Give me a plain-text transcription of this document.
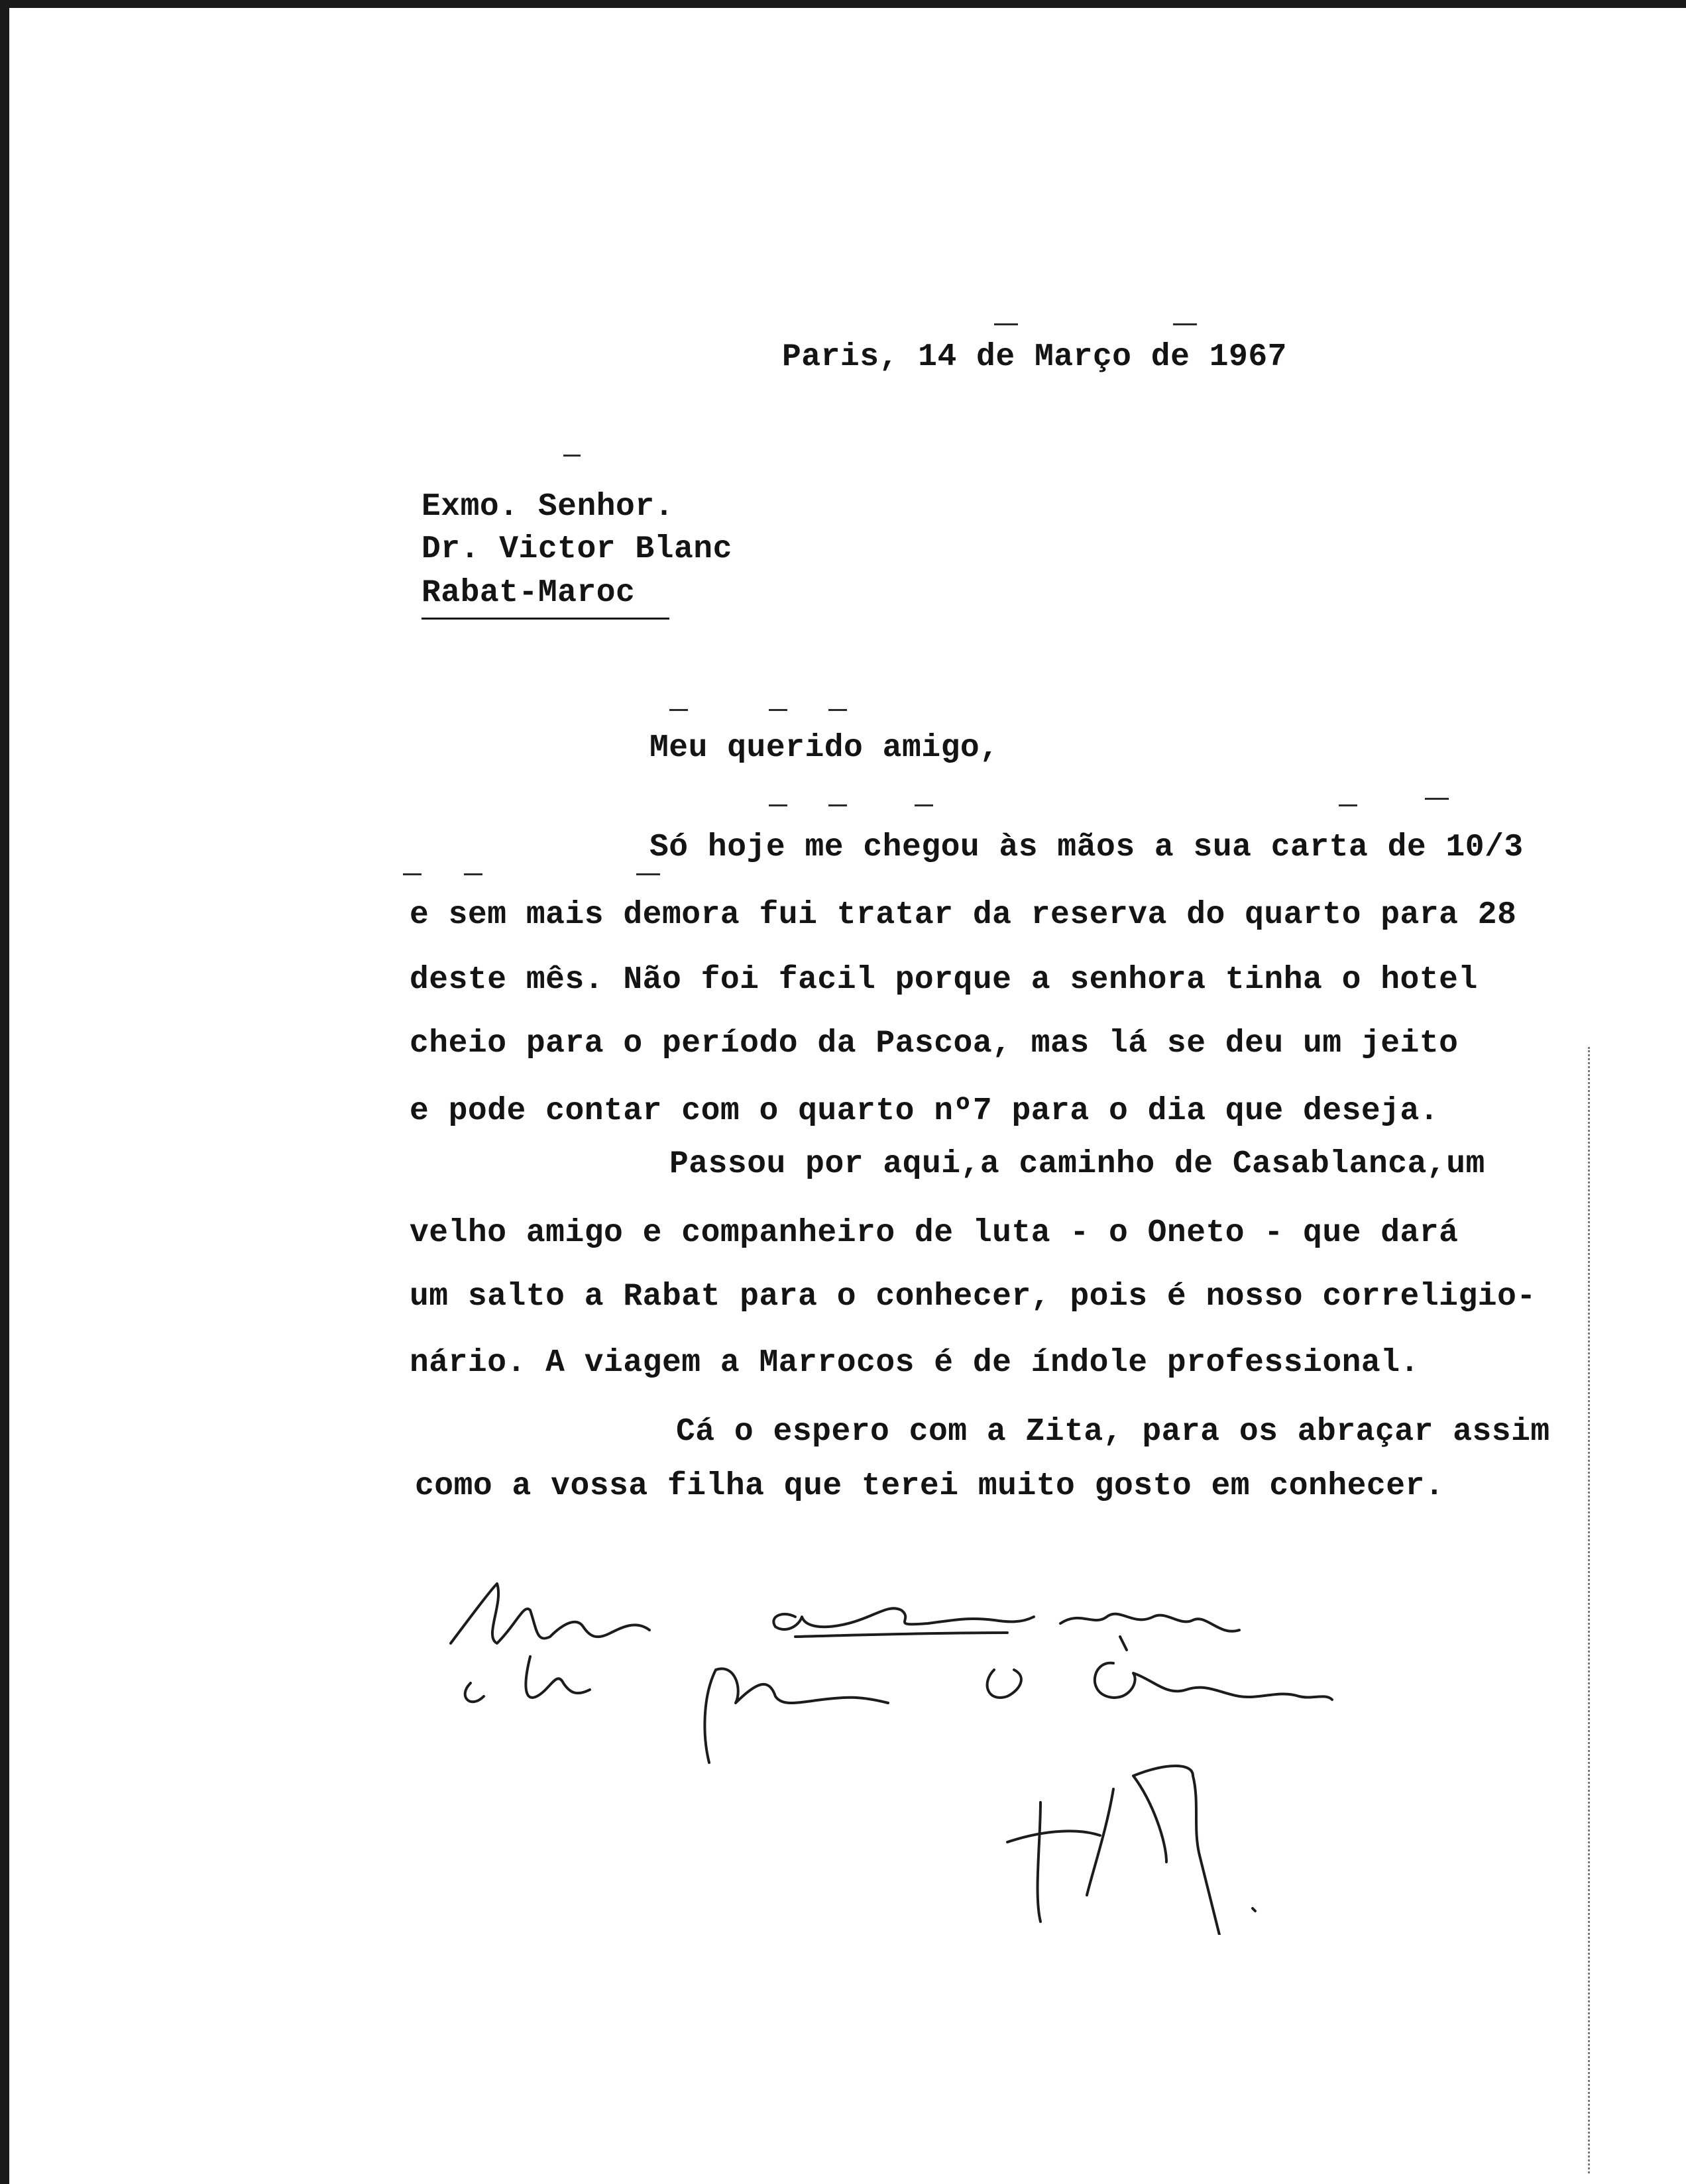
Paris, 14 de Março de 1967
Exmo. Senhor.
Dr. Victor Blanc
Rabat-Maroc
Meu querido amigo,
Só hoje me chegou às mãos a sua carta de 10/3
e sem mais demora fui tratar da reserva do quarto para 28
deste mês. Não foi facil porque a senhora tinha o hotel
cheio para o período da Pascoa, mas lá se deu um jeito
e pode contar com o quarto nº7 para o dia que deseja.
Passou por aqui,a caminho de Casablanca,um
velho amigo e companheiro de luta - o Oneto - que dará
um salto a Rabat para o conhecer, pois é nosso correligio-
nário. A viagem a Marrocos é de índole professional.
Cá o espero com a Zita, para os abraçar assim
como a vossa filha que terei muito gosto em conhecer.
